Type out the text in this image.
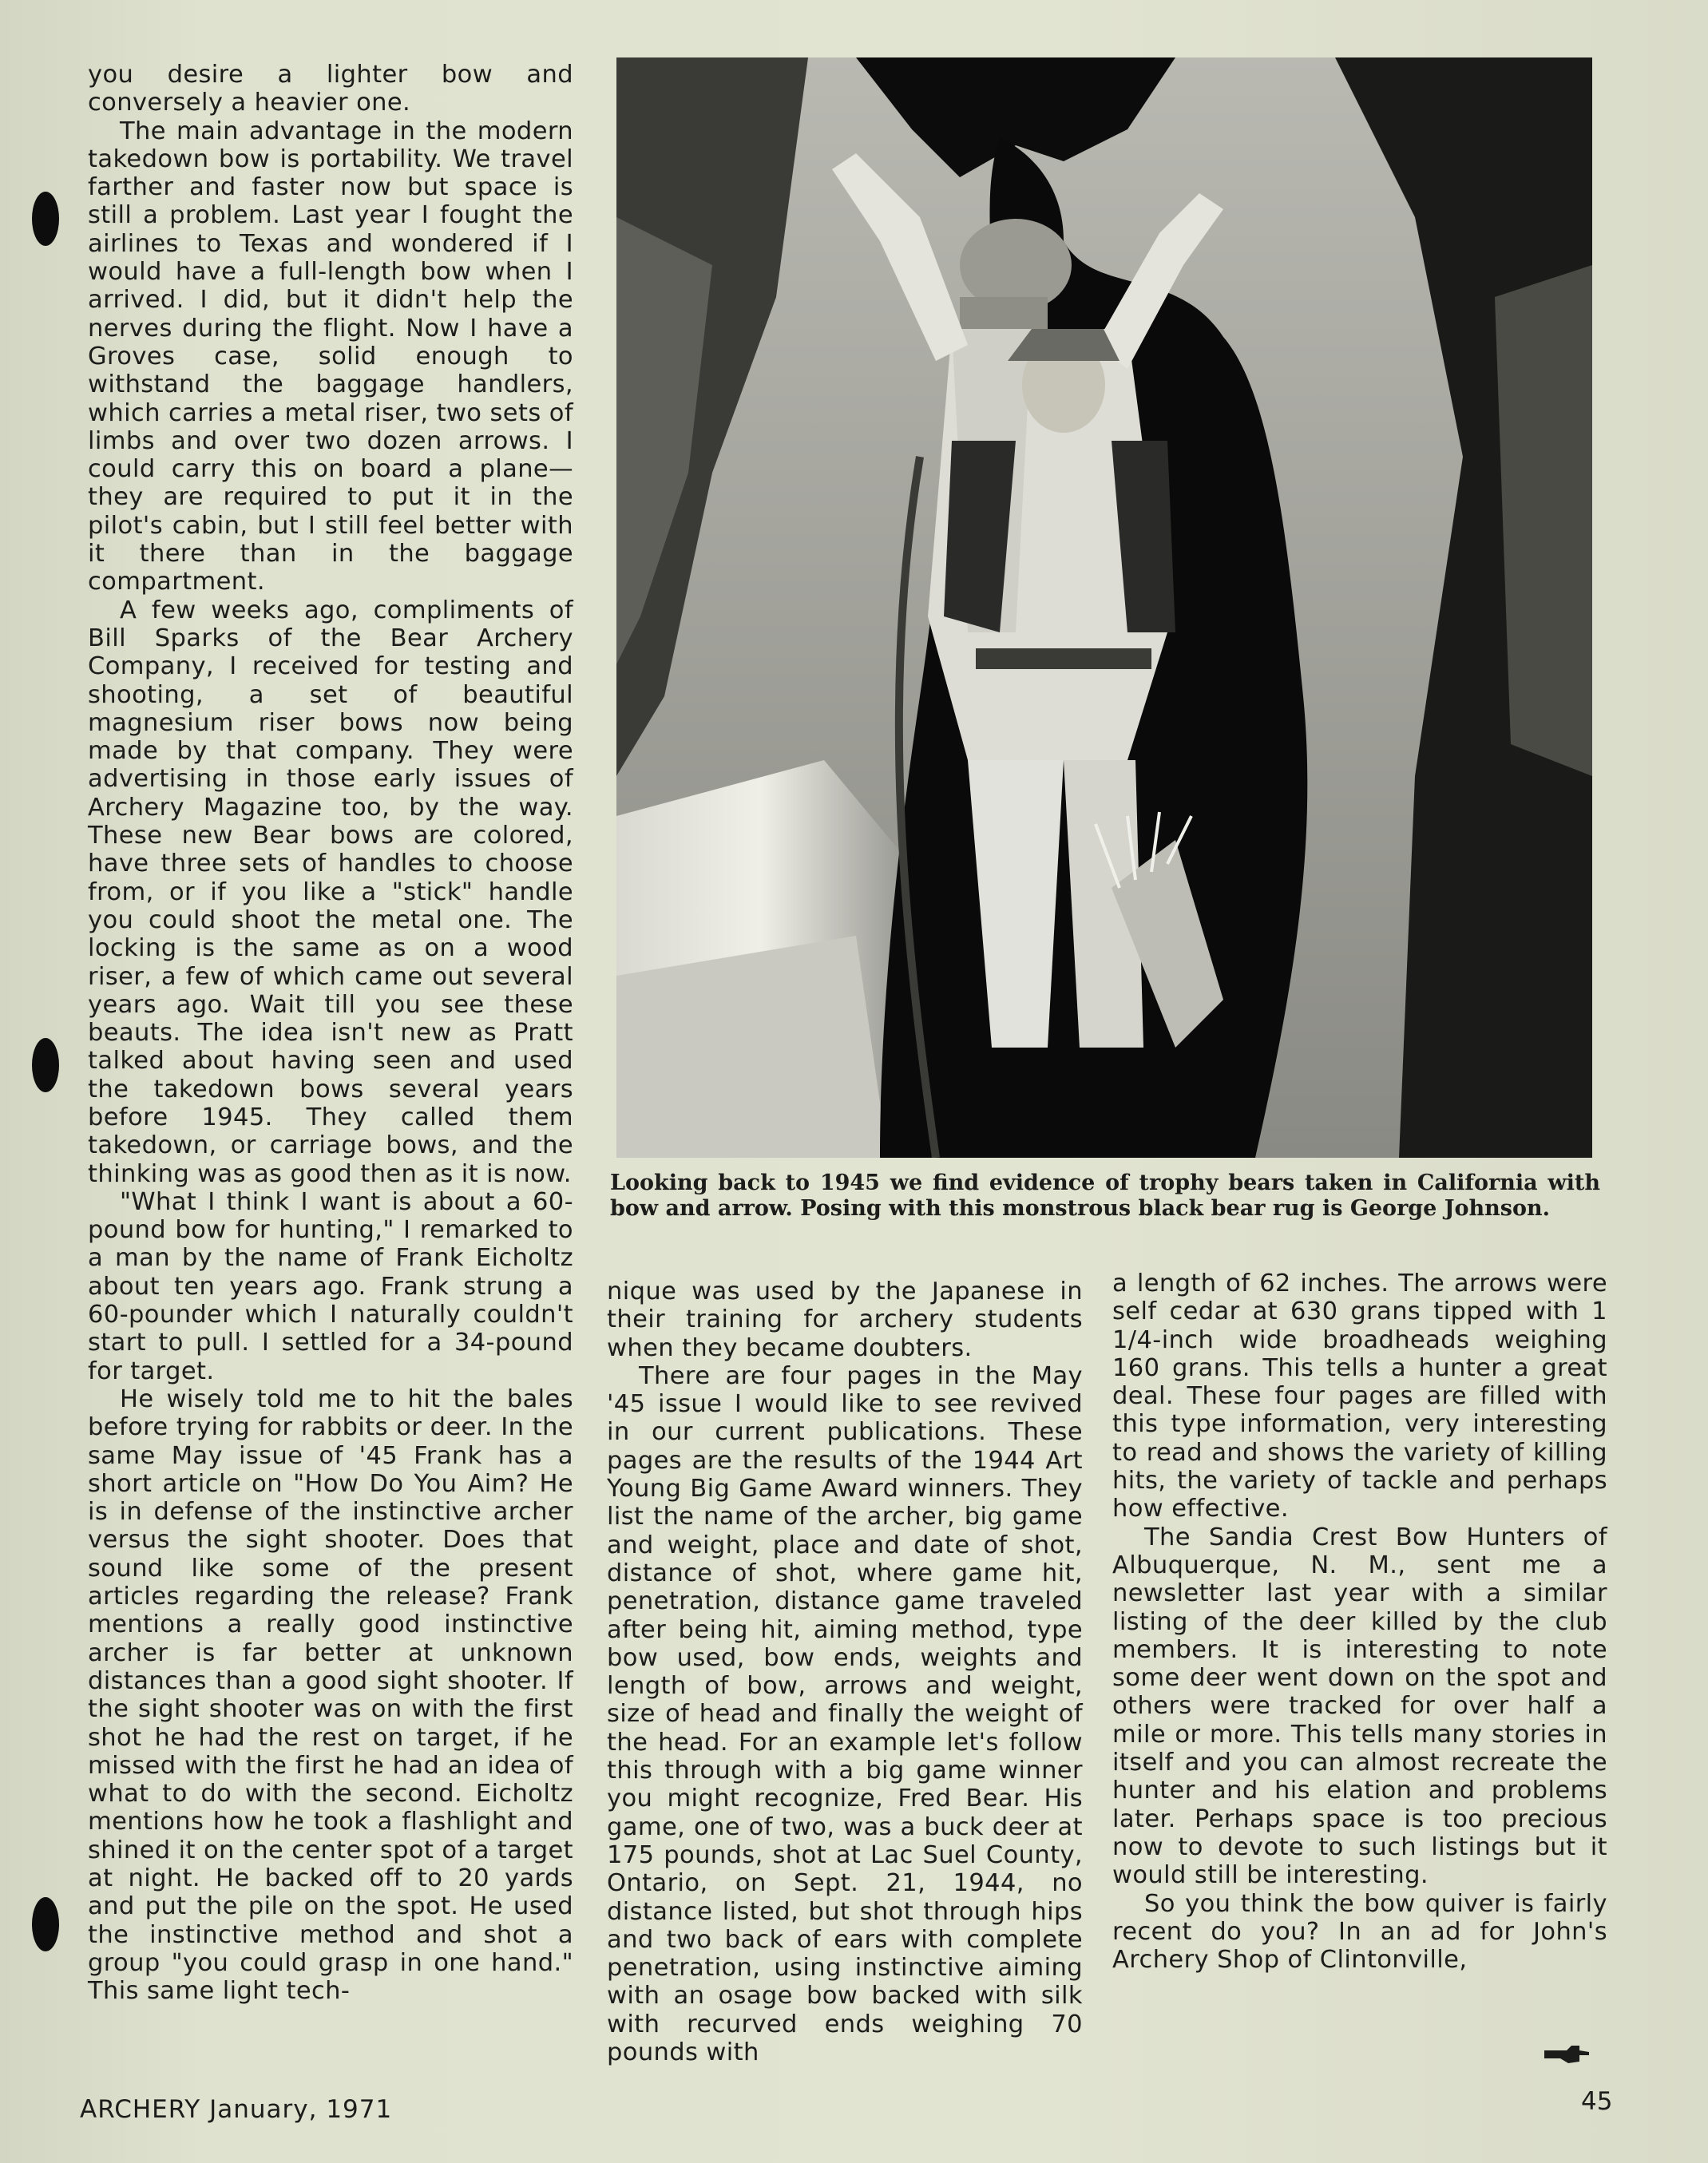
you desire a lighter bow and conversely a heavier one.

The main advantage in the modern takedown bow is portability. We travel farther and faster now but space is still a problem. Last year I fought the airlines to Texas and wondered if I would have a full-length bow when I arrived. I did, but it didn't help the nerves during the flight. Now I have a Groves case, solid enough to withstand the baggage handlers, which carries a metal riser, two sets of limbs and over two dozen arrows. I could carry this on board a plane—they are required to put it in the pilot's cabin, but I still feel better with it there than in the baggage compartment.

A few weeks ago, compliments of Bill Sparks of the Bear Archery Company, I received for testing and shooting, a set of beautiful magnesium riser bows now being made by that company. They were advertising in those early issues of Archery Magazine too, by the way. These new Bear bows are colored, have three sets of handles to choose from, or if you like a "stick" handle you could shoot the metal one. The locking is the same as on a wood riser, a few of which came out several years ago. Wait till you see these beauts. The idea isn't new as Pratt talked about having seen and used the takedown bows several years before 1945. They called them takedown, or carriage bows, and the thinking was as good then as it is now.

"What I think I want is about a 60-pound bow for hunting," I remarked to a man by the name of Frank Eicholtz about ten years ago. Frank strung a 60-pounder which I naturally couldn't start to pull. I settled for a 34-pound for target.

He wisely told me to hit the bales before trying for rabbits or deer. In the same May issue of '45 Frank has a short article on "How Do You Aim? He is in defense of the instinctive archer versus the sight shooter. Does that sound like some of the present articles regarding the release? Frank mentions a really good instinctive archer is far better at unknown distances than a good sight shooter. If the sight shooter was on with the first shot he had the rest on target, if he missed with the first he had an idea of what to do with the second. Eicholtz mentions how he took a flashlight and shined it on the center spot of a target at night. He backed off to 20 yards and put the pile on the spot. He used the instinctive method and shot a group "you could grasp in one hand." This same light tech-

Looking back to 1945 we find evidence of trophy bears taken in California with bow and arrow. Posing with this monstrous black bear rug is George Johnson.

nique was used by the Japanese in their training for archery students when they became doubters.

There are four pages in the May '45 issue I would like to see revived in our current publications. These pages are the results of the 1944 Art Young Big Game Award winners. They list the name of the archer, big game and weight, place and date of shot, distance of shot, where game hit, penetration, distance game traveled after being hit, aiming method, type bow used, bow ends, weights and length of bow, arrows and weight, size of head and finally the weight of the head. For an example let's follow this through with a big game winner you might recognize, Fred Bear. His game, one of two, was a buck deer at 175 pounds, shot at Lac Suel County, Ontario, on Sept. 21, 1944, no distance listed, but shot through hips and two back of ears with complete penetration, using instinctive aiming with an osage bow backed with silk with recurved ends weighing 70 pounds with

a length of 62 inches. The arrows were self cedar at 630 grans tipped with 1 1/4-inch wide broadheads weighing 160 grans. This tells a hunter a great deal. These four pages are filled with this type information, very interesting to read and shows the variety of killing hits, the variety of tackle and perhaps how effective.

The Sandia Crest Bow Hunters of Albuquerque, N. M., sent me a newsletter last year with a similar listing of the deer killed by the club members. It is interesting to note some deer went down on the spot and others were tracked for over half a mile or more. This tells many stories in itself and you can almost recreate the hunter and his elation and problems later. Perhaps space is too precious now to devote to such listings but it would still be interesting.

So you think the bow quiver is fairly recent do you? In an ad for John's Archery Shop of Clintonville,

ARCHERY January, 1971	45
